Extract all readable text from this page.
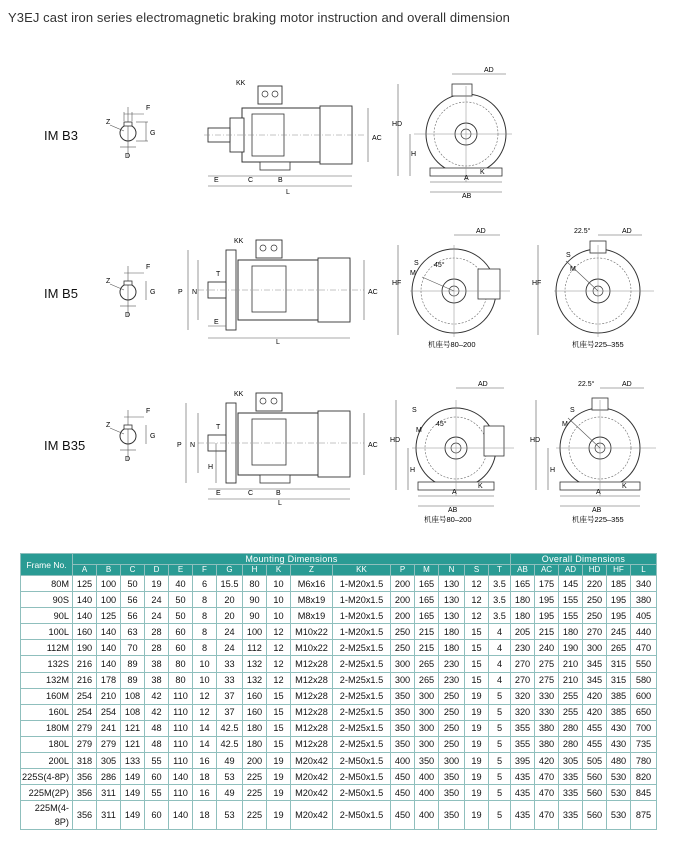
Y3EJ cast iron series electromagnetic braking motor instruction and overall dimension
IM B3
IM B5
IM B35
F
Z
G
D
KK
E	C	B
L
AC
AD
HD
H
A
K
AB
F
Z
G
D
KK
T
P N
E
L
AC
AD
HF
M
S 45°
机座号80–200
22.5°	AD
S
M
HF
机座号225–355
F
Z
G
D
KK
T
P N
H
E	C	B
L
AC
AD
S
45°
M
HD
H
K
A
AB
机座号80–200
22.5°	AD
S
M
HD
H
A
AB
K
机座号225–355
Frame No.	Mounting Dimensions																Overall Dimensions					
	A	B	C	D	E	F	G	H	K	Z	KK	P	M	N	S	T	AB	AC	AD	HD	HF	L
80M	125	100	50	19	40	6	15.5	80	10	M6x16	1-M20x1.5	200	165	130	12	3.5	165	175	145	220	185	340
90S	140	100	56	24	50	8	20	90	10	M8x19	1-M20x1.5	200	165	130	12	3.5	180	195	155	250	195	380
90L	140	125	56	24	50	8	20	90	10	M8x19	1-M20x1.5	200	165	130	12	3.5	180	195	155	250	195	405
100L	160	140	63	28	60	8	24	100	12	M10x22	1-M20x1.5	250	215	180	15	4	205	215	180	270	245	440
112M	190	140	70	28	60	8	24	112	12	M10x22	2-M25x1.5	250	215	180	15	4	230	240	190	300	265	470
132S	216	140	89	38	80	10	33	132	12	M12x28	2-M25x1.5	300	265	230	15	4	270	275	210	345	315	550
132M	216	178	89	38	80	10	33	132	12	M12x28	2-M25x1.5	300	265	230	15	4	270	275	210	345	315	580
160M	254	210	108	42	110	12	37	160	15	M12x28	2-M25x1.5	350	300	250	19	5	320	330	255	420	385	600
160L	254	254	108	42	110	12	37	160	15	M12x28	2-M25x1.5	350	300	250	19	5	320	330	255	420	385	650
180M	279	241	121	48	110	14	42.5	180	15	M12x28	2-M25x1.5	350	300	250	19	5	355	380	280	455	430	700
180L	279	279	121	48	110	14	42.5	180	15	M12x28	2-M25x1.5	350	300	250	19	5	355	380	280	455	430	735
200L	318	305	133	55	110	16	49	200	19	M20x42	2-M50x1.5	400	350	300	19	5	395	420	305	505	480	780
225S(4-8P)	356	286	149	60	140	18	53	225	19	M20x42	2-M50x1.5	450	400	350	19	5	435	470	335	560	530	820
225M(2P)	356	311	149	55	110	16	49	225	19	M20x42	2-M50x1.5	450	400	350	19	5	435	470	335	560	530	845
225M(4-8P)	356	311	149	60	140	18	53	225	19	M20x42	2-M50x1.5	450	400	350	19	5	435	470	335	560	530	875
